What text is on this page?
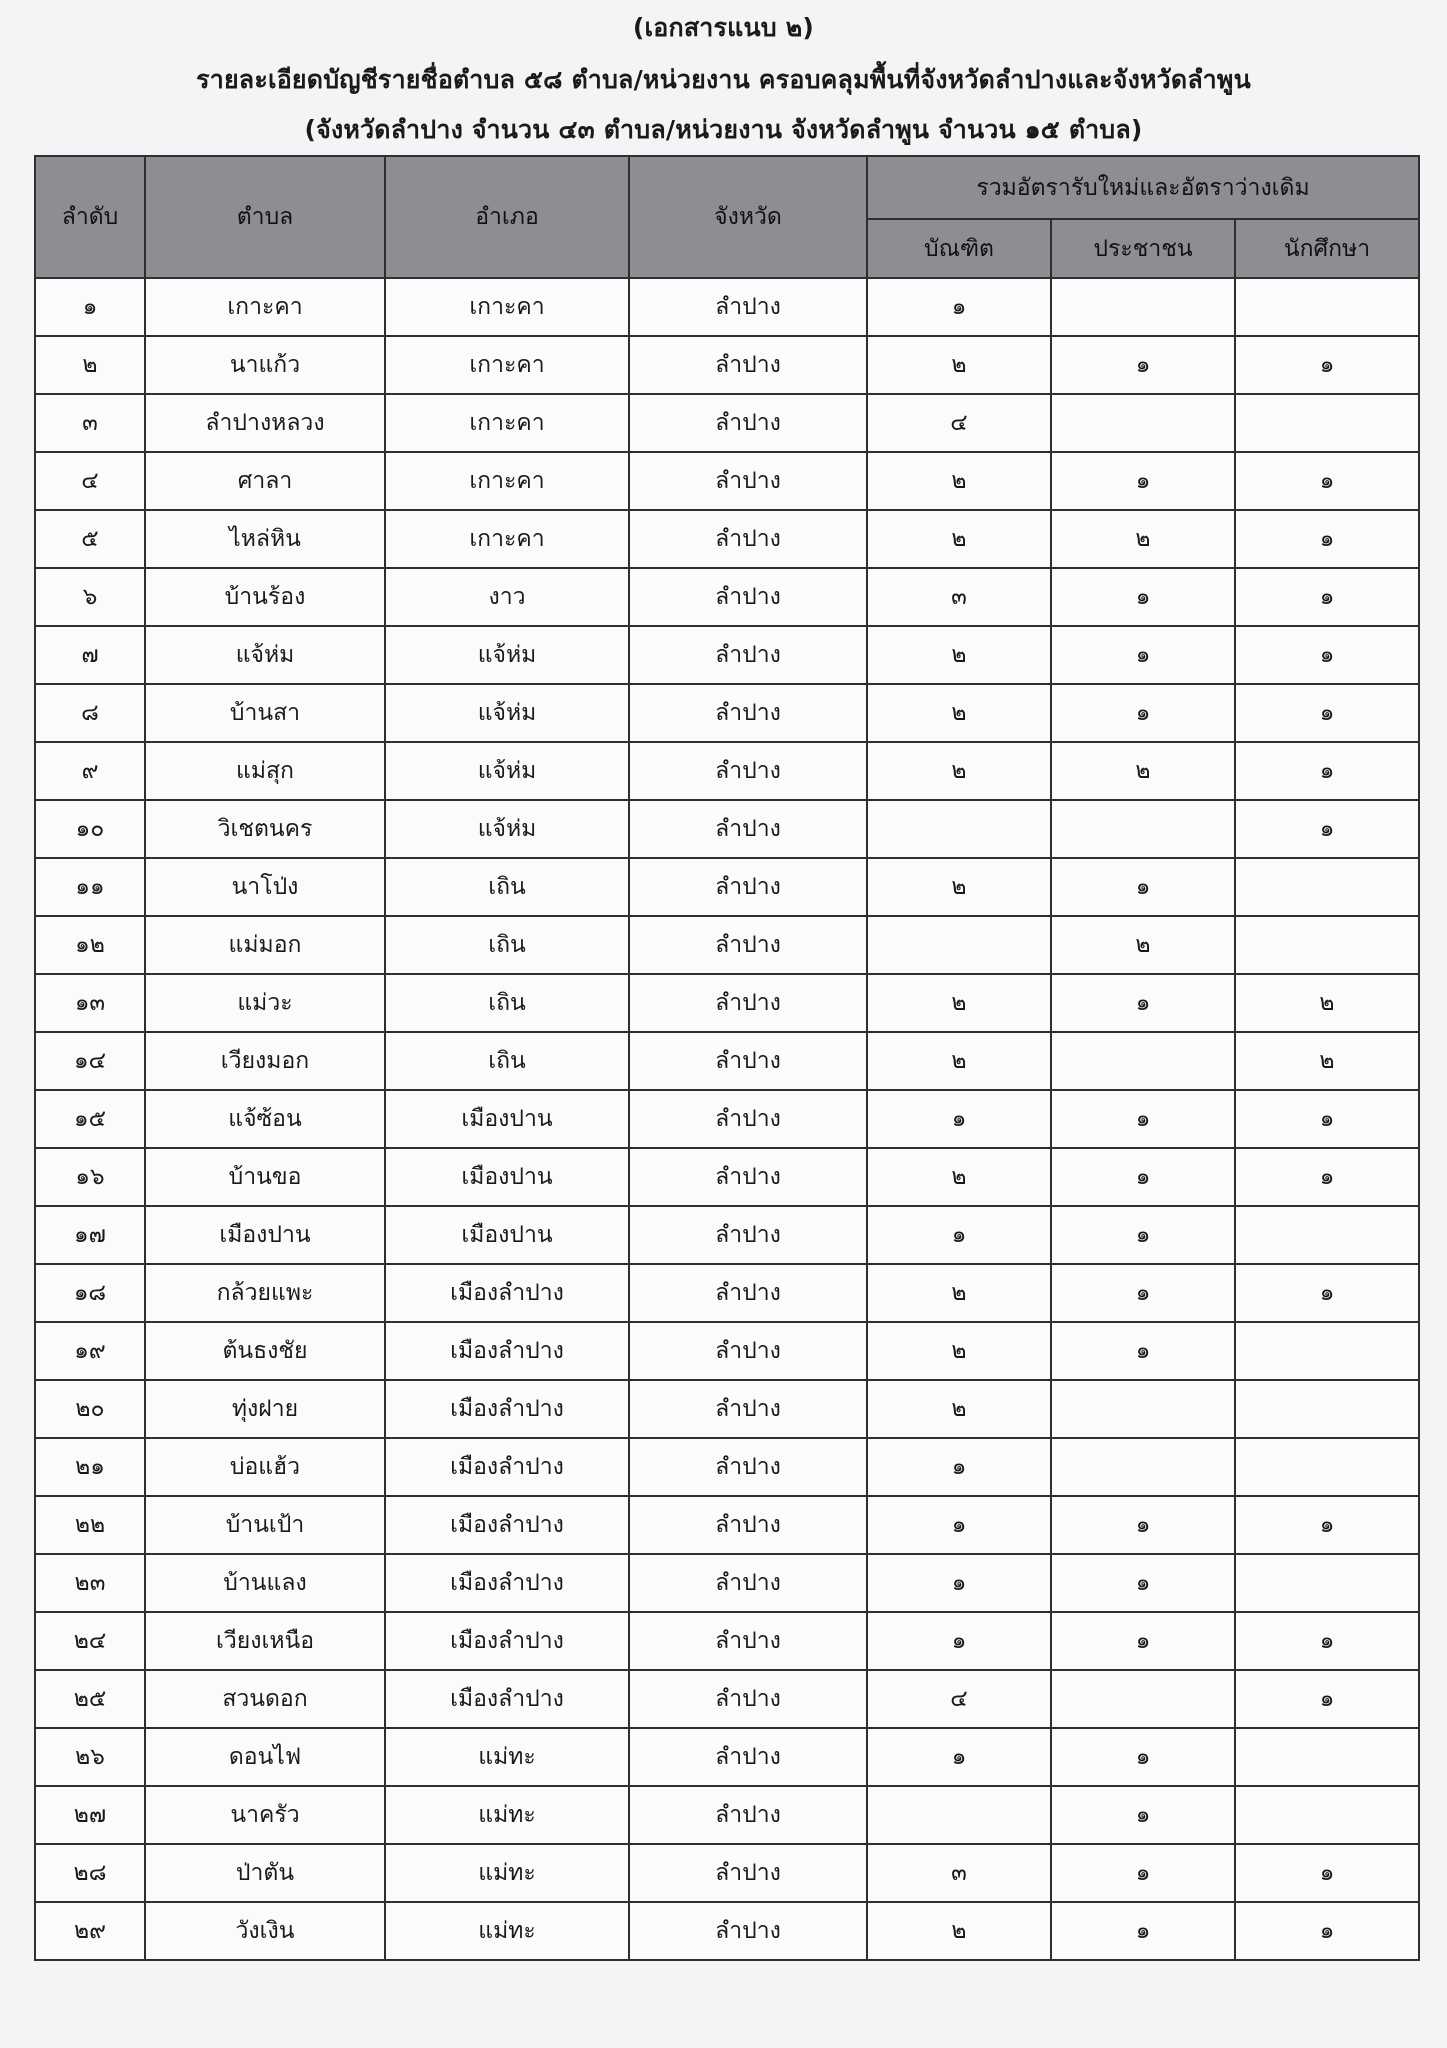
(เอกสารแนบ ๒)
รายละเอียดบัญชีรายชื่อตำบล ๕๘ ตำบล/หน่วยงาน ครอบคลุมพื้นที่จังหวัดลำปางและจังหวัดลำพูน
(จังหวัดลำปาง จำนวน ๔๓ ตำบล/หน่วยงาน จังหวัดลำพูน จำนวน ๑๕ ตำบล)
ลำดับ	ตำบล	อำเภอ	จังหวัด	รวมอัตรารับใหม่และอัตราว่างเดิม		
				บัณฑิต	ประชาชน	นักศึกษา
๑	เกาะคา	เกาะคา	ลำปาง	๑		
๒	นาแก้ว	เกาะคา	ลำปาง	๒	๑	๑
๓	ลำปางหลวง	เกาะคา	ลำปาง	๔		
๔	ศาลา	เกาะคา	ลำปาง	๒	๑	๑
๕	ไหล่หิน	เกาะคา	ลำปาง	๒	๒	๑
๖	บ้านร้อง	งาว	ลำปาง	๓	๑	๑
๗	แจ้ห่ม	แจ้ห่ม	ลำปาง	๒	๑	๑
๘	บ้านสา	แจ้ห่ม	ลำปาง	๒	๑	๑
๙	แม่สุก	แจ้ห่ม	ลำปาง	๒	๒	๑
๑๐	วิเชตนคร	แจ้ห่ม	ลำปาง			๑
๑๑	นาโป่ง	เถิน	ลำปาง	๒	๑	
๑๒	แม่มอก	เถิน	ลำปาง		๒	
๑๓	แม่วะ	เถิน	ลำปาง	๒	๑	๒
๑๔	เวียงมอก	เถิน	ลำปาง	๒		๒
๑๕	แจ้ซ้อน	เมืองปาน	ลำปาง	๑	๑	๑
๑๖	บ้านขอ	เมืองปาน	ลำปาง	๒	๑	๑
๑๗	เมืองปาน	เมืองปาน	ลำปาง	๑	๑	
๑๘	กล้วยแพะ	เมืองลำปาง	ลำปาง	๒	๑	๑
๑๙	ต้นธงชัย	เมืองลำปาง	ลำปาง	๒	๑	
๒๐	ทุ่งฝาย	เมืองลำปาง	ลำปาง	๒		
๒๑	บ่อแฮ้ว	เมืองลำปาง	ลำปาง	๑		
๒๒	บ้านเป้า	เมืองลำปาง	ลำปาง	๑	๑	๑
๒๓	บ้านแลง	เมืองลำปาง	ลำปาง	๑	๑	
๒๔	เวียงเหนือ	เมืองลำปาง	ลำปาง	๑	๑	๑
๒๕	สวนดอก	เมืองลำปาง	ลำปาง	๔		๑
๒๖	ดอนไฟ	แม่ทะ	ลำปาง	๑	๑	
๒๗	นาครัว	แม่ทะ	ลำปาง		๑	
๒๘	ป่าตัน	แม่ทะ	ลำปาง	๓	๑	๑
๒๙	วังเงิน	แม่ทะ	ลำปาง	๒	๑	๑
